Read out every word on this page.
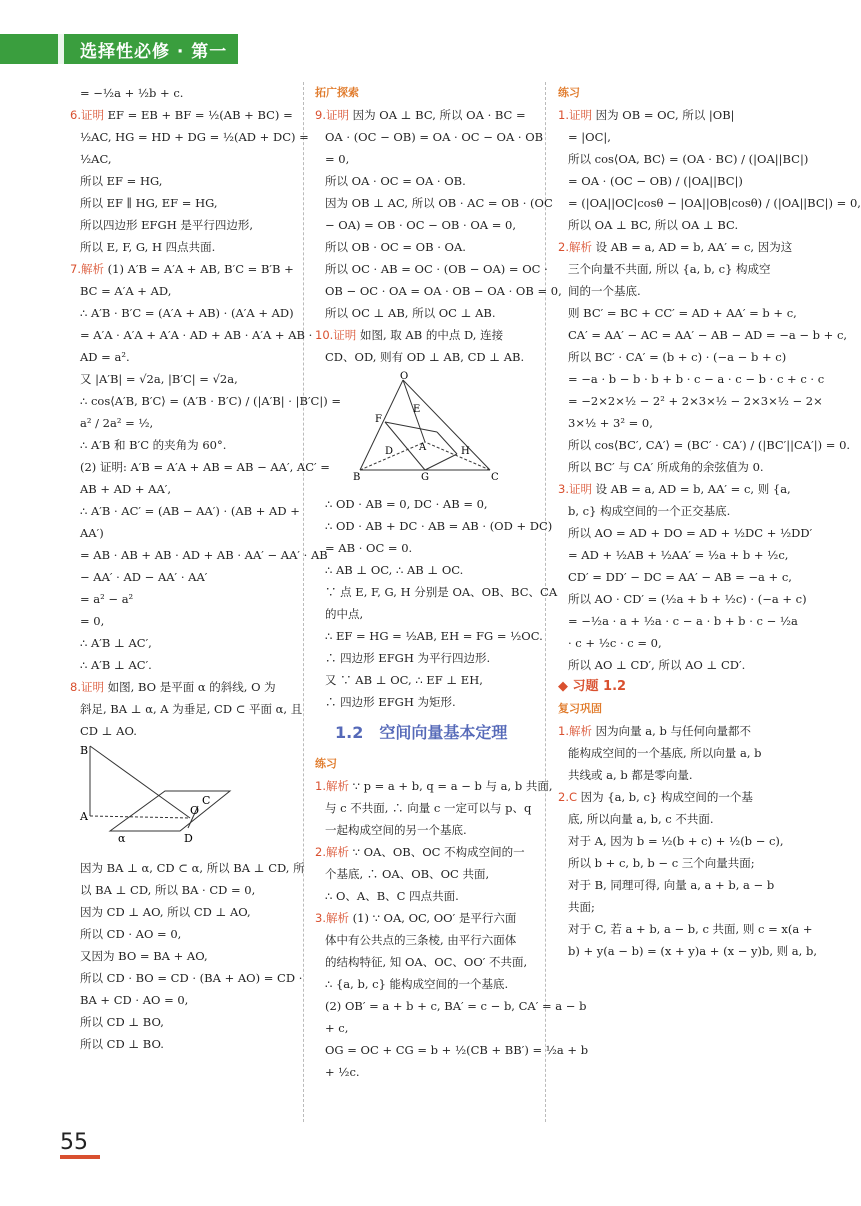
选择性必修 · 第一册
= −½a + ½b + c.
6.证明 EF = EB + BF = ½(AB + BC) =
½AC, HG = HD + DG = ½(AD + DC) =
½AC,
所以 EF = HG,
所以 EF ∥ HG, EF = HG,
所以四边形 EFGH 是平行四边形,
所以 E, F, G, H 四点共面.
7.解析 (1) A′B = A′A + AB, B′C = B′B +
BC = A′A + AD,
∴ A′B · B′C = (A′A + AB) · (A′A + AD)
= A′A · A′A + A′A · AD + AB · A′A + AB ·
AD = a².
又 |A′B| = √2a, |B′C| = √2a,
∴ cos⟨A′B, B′C⟩ = (A′B · B′C) / (|A′B| · |B′C|) =
a² / 2a² = ½,
∴ A′B 和 B′C 的夹角为 60°.
(2) 证明: A′B = A′A + AB = AB − AA′, AC′ =
AB + AD + AA′,
∴ A′B · AC′ = (AB − AA′) · (AB + AD +
AA′)
= AB · AB + AB · AD + AB · AA′ − AA′ · AB
− AA′ · AD − AA′ · AA′
= a² − a²
= 0,
∴ A′B ⊥ AC′,
∴ A′B ⊥ AC′.
8.证明 如图, BO 是平面 α 的斜线, O 为
斜足, BA ⊥ α, A 为垂足, CD ⊂ 平面 α, 且
CD ⊥ AO.
B
A	O
C
D
α
因为 BA ⊥ α, CD ⊂ α, 所以 BA ⊥ CD, 所
以 BA ⊥ CD, 所以 BA · CD = 0,
因为 CD ⊥ AO, 所以 CD ⊥ AO,
所以 CD · AO = 0,
又因为 BO = BA + AO,
所以 CD · BO = CD · (BA + AO) = CD ·
BA + CD · AO = 0,
所以 CD ⊥ BO,
所以 CD ⊥ BO.
拓广探索
9.证明 因为 OA ⊥ BC, 所以 OA · BC =
OA · (OC − OB) = OA · OC − OA · OB
= 0,
所以 OA · OC = OA · OB.
因为 OB ⊥ AC, 所以 OB · AC = OB · (OC
− OA) = OB · OC − OB · OA = 0,
所以 OB · OC = OB · OA.
所以 OC · AB = OC · (OB − OA) = OC ·
OB − OC · OA = OA · OB − OA · OB = 0,
所以 OC ⊥ AB, 所以 OC ⊥ AB.
10.证明 如图, 取 AB 的中点 D, 连接
CD、OD, 则有 OD ⊥ AB, CD ⊥ AB.
O
E
F
D	A	H
B	G	C
∴ OD · AB = 0, DC · AB = 0,
∴ OD · AB + DC · AB = AB · (OD + DC)
= AB · OC = 0.
∴ AB ⊥ OC, ∴ AB ⊥ OC.
∵ 点 E, F, G, H 分别是 OA、OB、BC、CA
的中点,
∴ EF = HG = ½AB, EH = FG = ½OC.
∴ 四边形 EFGH 为平行四边形.
又 ∵ AB ⊥ OC, ∴ EF ⊥ EH,
∴ 四边形 EFGH 为矩形.
1.2　空间向量基本定理
练习
1.解析 ∵ p = a + b, q = a − b 与 a, b 共面,
与 c 不共面, ∴ 向量 c 一定可以与 p、q
一起构成空间的另一个基底.
2.解析 ∵ OA、OB、OC 不构成空间的一
个基底, ∴ OA、OB、OC 共面,
∴ O、A、B、C 四点共面.
3.解析 (1) ∵ OA, OC, OO′ 是平行六面
体中有公共点的三条棱, 由平行六面体
的结构特征, 知 OA、OC、OO′ 不共面,
∴ {a, b, c} 能构成空间的一个基底.
(2) OB′ = a + b + c, BA′ = c − b, CA′ = a − b
+ c,
OG = OC + CG = b + ½(CB + BB′) = ½a + b
+ ½c.
练习
1.证明 因为 OB = OC, 所以 |OB|
= |OC|,
所以 cos⟨OA, BC⟩ = (OA · BC) / (|OA||BC|)
= OA · (OC − OB) / (|OA||BC|)
= (|OA||OC|cosθ − |OA||OB|cosθ) / (|OA||BC|) = 0,
所以 OA ⊥ BC, 所以 OA ⊥ BC.
2.解析 设 AB = a, AD = b, AA′ = c, 因为这
三个向量不共面, 所以 {a, b, c} 构成空
间的一个基底.
则 BC′ = BC + CC′ = AD + AA′ = b + c,
CA′ = AA′ − AC = AA′ − AB − AD = −a − b + c,
所以 BC′ · CA′ = (b + c) · (−a − b + c)
= −a · b − b · b + b · c − a · c − b · c + c · c
= −2×2×½ − 2² + 2×3×½ − 2×3×½ − 2×
3×½ + 3² = 0,
所以 cos⟨BC′, CA′⟩ = (BC′ · CA′) / (|BC′||CA′|) = 0.
所以 BC′ 与 CA′ 所成角的余弦值为 0.
3.证明 设 AB = a, AD = b, AA′ = c, 则 {a,
b, c} 构成空间的一个正交基底.
所以 AO = AD + DO = AD + ½DC + ½DD′
= AD + ½AB + ½AA′ = ½a + b + ½c,
CD′ = DD′ − DC = AA′ − AB = −a + c,
所以 AO · CD′ = (½a + b + ½c) · (−a + c)
= −½a · a + ½a · c − a · b + b · c − ½a
· c + ½c · c = 0,
所以 AO ⊥ CD′, 所以 AO ⊥ CD′.
◆ 习题 1.2
复习巩固
1.解析 因为向量 a, b 与任何向量都不
能构成空间的一个基底, 所以向量 a, b
共线或 a, b 都是零向量.
2.C 因为 {a, b, c} 构成空间的一个基
底, 所以向量 a, b, c 不共面.
对于 A, 因为 b = ½(b + c) + ½(b − c),
所以 b + c, b, b − c 三个向量共面;
对于 B, 同理可得, 向量 a, a + b, a − b
共面;
对于 C, 若 a + b, a − b, c 共面, 则 c = x(a +
b) + y(a − b) = (x + y)a + (x − y)b, 则 a, b,
55
